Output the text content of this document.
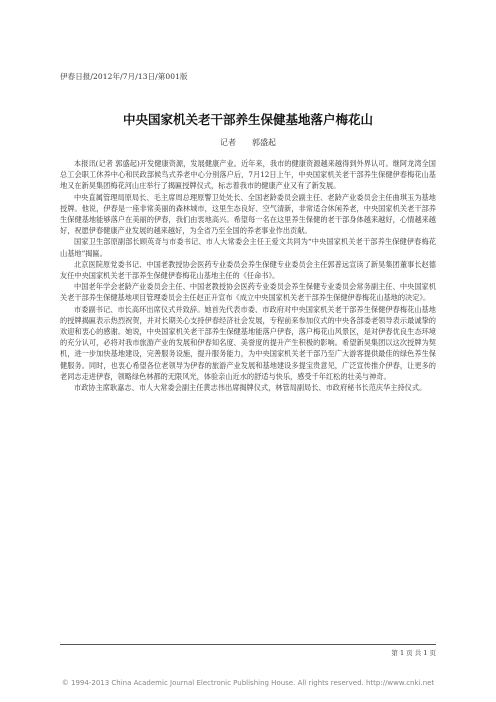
伊春日报/2012年/7月/13日/第001版
中央国家机关老干部养生保健基地落户梅花山
记者 郭盛起

本报讯(记者 郭盛起)开发健康资源，发展健康产业。近年来，我市的健康资源越来越得到外界认可。继阿龙湾全国总工会职工休养中心和民政部候鸟式养老中心分别落户后，7月12日上午，中央国家机关老干部养生保健伊春梅花山基地又在新昊集团梅花河山庄举行了揭匾授牌仪式，标志着我市的健康产业又有了新发展。

中央直属管理局原局长、毛主席周总理原警卫处处长、全国老龄委员会副主任、老龄产业委员会主任曲琪玉为基地授牌。他说，伊春是一座非常美丽的森林城市，这里生态良好、空气清新，非常适合休闲养老，中央国家机关老干部养生保健基地能够落户在美丽的伊春，我们由衷地高兴。希望每一名在这里养生保健的老干部身体越来越好，心情越来越好，祝愿伊春健康产业发展的越来越好，为全省乃至全国的养老事业作出贡献。

国家卫生部原副部长顾英奇与市委书记、市人大常委会主任王爱文共同为“中央国家机关老干部养生保健伊春梅花山基地”揭匾。

北京医院原党委书记、中国老教授协会医药专业委员会养生保健专业委员会主任郭普远宣读了新昊集团董事长赵德友任中央国家机关老干部养生保健伊春梅花山基地主任的《任命书》。

中国老年学会老龄产业委员会主任、中国老教授协会医药专业委员会养生保健专业委员会常务副主任、中央国家机关老干部养生保健基地项目管理委员会主任赵正升宣布《成立中央国家机关老干部养生保健伊春梅花山基地的决定》。

市委副书记、市长高环出席仪式并致辞。她首先代表市委、市政府对中央国家机关老干部养生保健伊春梅花山基地的授牌揭匾表示热烈祝贺，并对长期关心支持伊春经济社会发展，专程前来参加仪式的中央各部委老领导表示最诚挚的欢迎和衷心的感谢。她说，中央国家机关老干部养生保健基地能落户伊春，落户梅花山风景区，是对伊春优良生态环境的充分认可，必将对我市旅游产业的发展和伊春知名度、美誉度的提升产生积极的影响。希望新昊集团以这次授牌为契机，进一步加快基地建设，完善服务设施，提升服务能力，为中央国家机关老干部乃至广大游客提供最佳的绿色养生保健服务。同时，也衷心希望各位老领导为伊春的旅游产业发展和基地建设多提宝贵意见，广泛宣传推介伊春，让更多的老同志走进伊春，领略绿色林都的无限风光，体验亲山近水的舒适与快乐，感受千年红松的壮美与神奇。

市政协主席耿嘉志、市人大常委会副主任黄志伟出席揭牌仪式，林管局副局长、市政府秘书长范庆华主持仪式。

第 1 页 共 1 页
© 1994-2013 China Academic Journal Electronic Publishing House. All rights reserved. http://www.cnki.net
